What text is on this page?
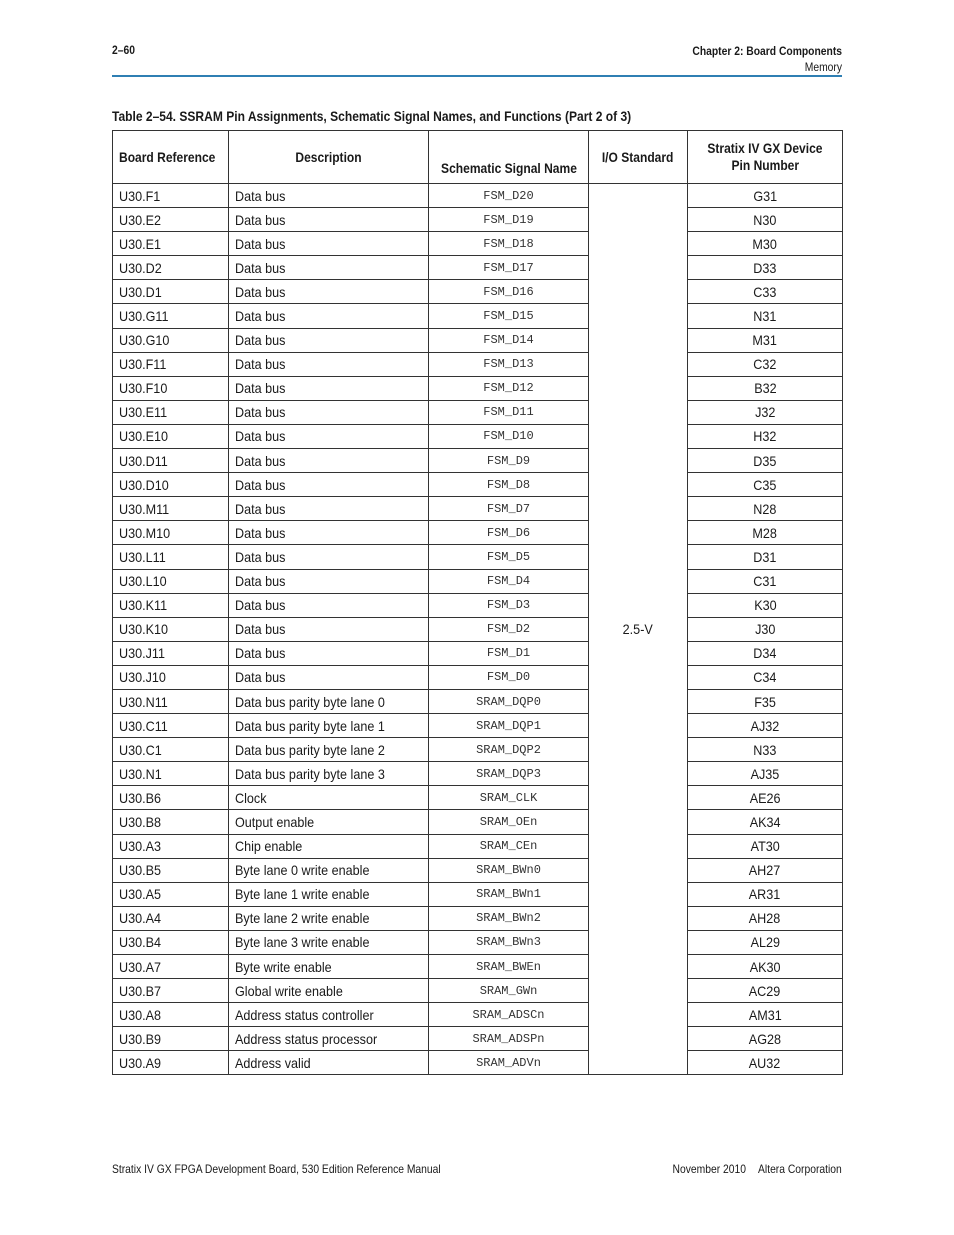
2–60	Chapter 2: Board Components
Memory
Table 2–54. SSRAM Pin Assignments, Schematic Signal Names, and Functions (Part 2 of 3)
Board Reference	Description	Schematic Signal Name	I/O Standard	Stratix IV GX Device
Pin Number
U30.F1	Data bus	FSM_D20	2.5-V	G31
U30.E2	Data bus	FSM_D19		N30
U30.E1	Data bus	FSM_D18		M30
U30.D2	Data bus	FSM_D17		D33
U30.D1	Data bus	FSM_D16		C33
U30.G11	Data bus	FSM_D15		N31
U30.G10	Data bus	FSM_D14		M31
U30.F11	Data bus	FSM_D13		C32
U30.F10	Data bus	FSM_D12		B32
U30.E11	Data bus	FSM_D11		J32
U30.E10	Data bus	FSM_D10		H32
U30.D11	Data bus	FSM_D9		D35
U30.D10	Data bus	FSM_D8		C35
U30.M11	Data bus	FSM_D7		N28
U30.M10	Data bus	FSM_D6		M28
U30.L11	Data bus	FSM_D5		D31
U30.L10	Data bus	FSM_D4		C31
U30.K11	Data bus	FSM_D3		K30
U30.K10	Data bus	FSM_D2		J30
U30.J11	Data bus	FSM_D1		D34
U30.J10	Data bus	FSM_D0		C34
U30.N11	Data bus parity byte lane 0	SRAM_DQP0		F35
U30.C11	Data bus parity byte lane 1	SRAM_DQP1		AJ32
U30.C1	Data bus parity byte lane 2	SRAM_DQP2		N33
U30.N1	Data bus parity byte lane 3	SRAM_DQP3		AJ35
U30.B6	Clock	SRAM_CLK		AE26
U30.B8	Output enable	SRAM_OEn		AK34
U30.A3	Chip enable	SRAM_CEn		AT30
U30.B5	Byte lane 0 write enable	SRAM_BWn0		AH27
U30.A5	Byte lane 1 write enable	SRAM_BWn1		AR31
U30.A4	Byte lane 2 write enable	SRAM_BWn2		AH28
U30.B4	Byte lane 3 write enable	SRAM_BWn3		AL29
U30.A7	Byte write enable	SRAM_BWEn		AK30
U30.B7	Global write enable	SRAM_GWn		AC29
U30.A8	Address status controller	SRAM_ADSCn		AM31
U30.B9	Address status processor	SRAM_ADSPn		AG28
U30.A9	Address valid	SRAM_ADVn		AU32
Stratix IV GX FPGA Development Board, 530 Edition Reference Manual	November 2010 Altera Corporation
